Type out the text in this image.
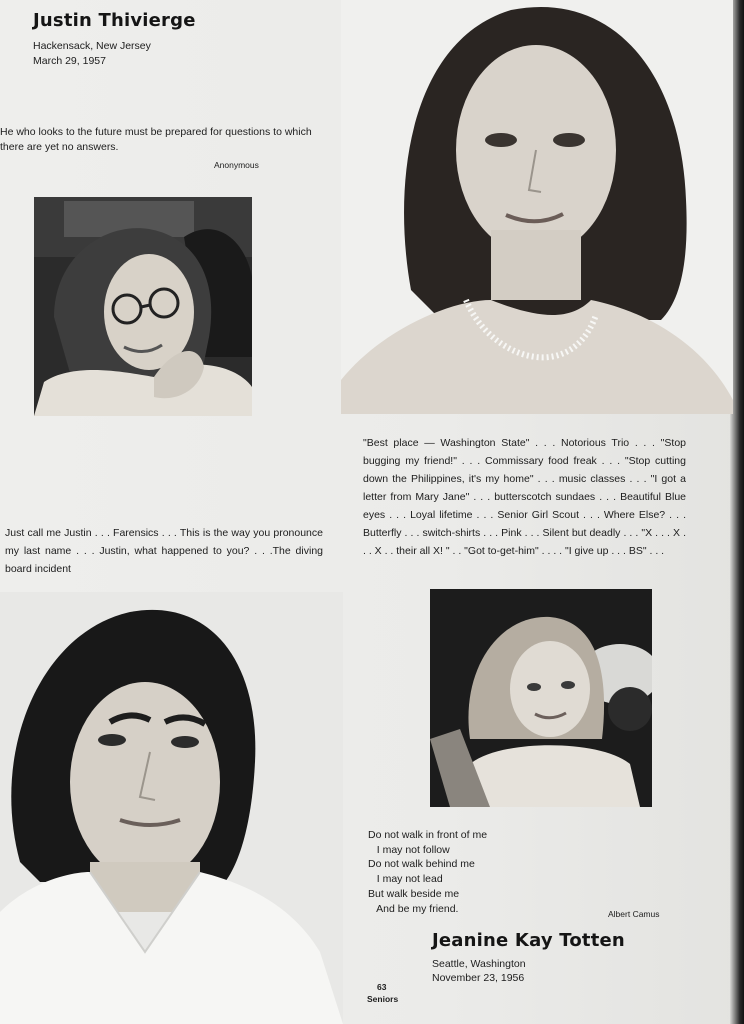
Justin Thivierge
Hackensack, New Jersey
March 29, 1957
He who looks to the future must be prepared for questions to which there are yet no answers.
Anonymous
"Best place — Washington State" . . . Notorious Trio . . . "Stop bugging my friend!" . . . Commissary food freak . . . "Stop cutting down the Philippines, it's my home" . . . music classes . . . "I got a letter from Mary Jane" . . . butterscotch sundaes . . . Beautiful Blue eyes . . . Loyal lifetime . . . Senior Girl Scout . . . Where Else? . . . Butterfly . . . switch-shirts . . . Pink . . . Silent but deadly . . . "X . . . X . . . X . . their all X! " . . "Got to-get-him" . . . . "I give up . . . BS" . . .
Just call me Justin . . . Farensics . . . This is the way you pronounce my last name . . . Justin, what happened to you? . . .The diving board incident
Do not walk in front of me
I may not follow
Do not walk behind me
I may not lead
But walk beside me
And be my friend.	Albert Camus
Jeanine Kay Totten
Seattle, Washington
November 23, 1956
63
Seniors
